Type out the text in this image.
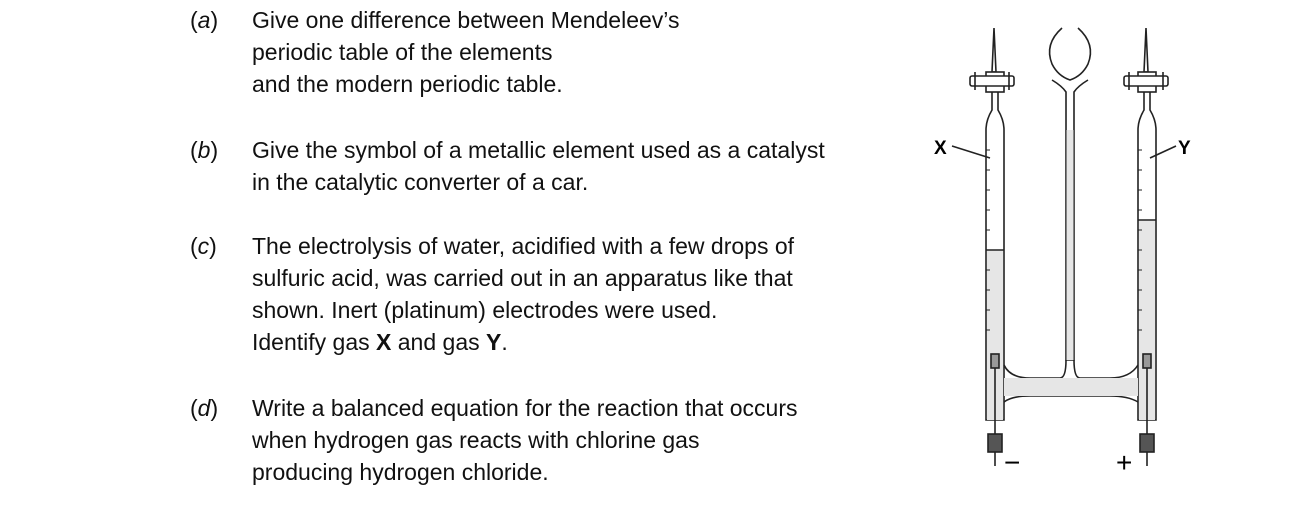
(a) Give one difference between Mendeleev’s
periodic table of the elements
and the modern periodic table.
(b) Give the symbol of a metallic element used as a catalyst
in the catalytic converter of a car.
(c) The electrolysis of water, acidified with a few drops of
sulfuric acid, was carried out in an apparatus like that
shown. Inert (platinum) electrodes were used.
Identify gas X and gas Y.
(d) Write a balanced equation for the reaction that occurs
when hydrogen gas reacts with chlorine gas
producing hydrogen chloride.
X	Y
−	+
